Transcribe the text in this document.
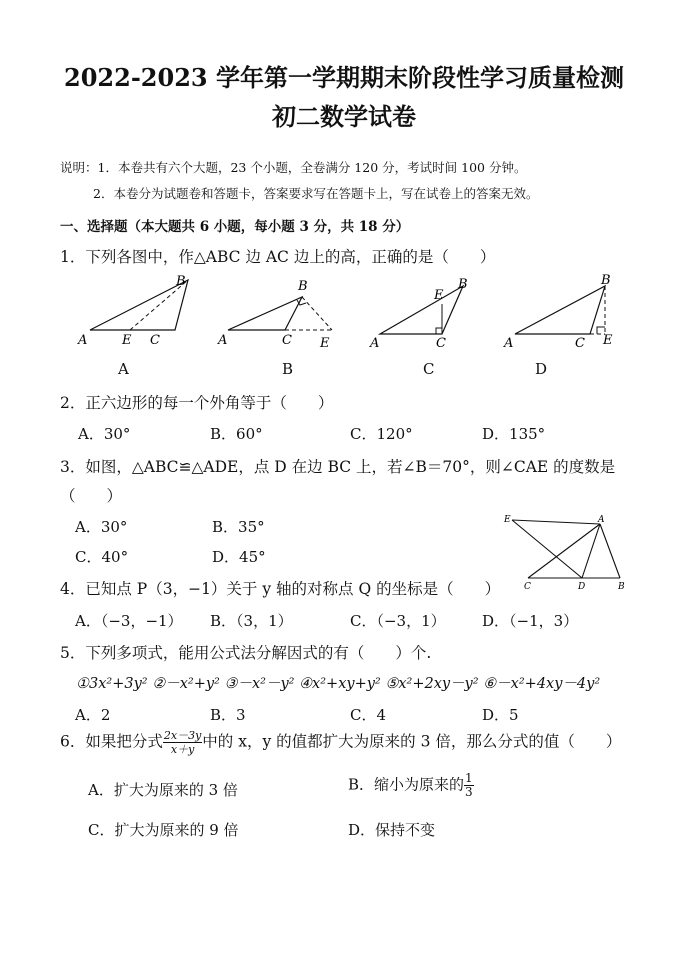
2022-2023 学年第一学期期末阶段性学习质量检测
初二数学试卷
说明：1．本卷共有六个大题，23 个小题，全卷满分 120 分，考试时间 100 分钟。
2．本卷分为试题卷和答题卡，答案要求写在答题卡上，写在试卷上的答案无效。
一、选择题（本大题共 6 小题，每小题 3 分，共 18 分）
1．下列各图中，作△ABC 边 AC 边上的高，正确的是（　　）
A	E C
B
A	C E
B
A	C
E
B
A	C E
B
A	B	C	D
2．正六边形的每一个外角等于（　　）
A．30°	B．60°	C．120°	D．135°
3．如图，△ABC≌△ADE，点 D 在边 BC 上，若∠B＝70°，则∠CAE 的度数是
（　　）
A．30°	B．35°
C．40°	D．45°
E	A
C	D	B
4．已知点 P（3，−1）关于 y 轴的对称点 Q 的坐标是（　　）
A．（−3，−1） B．（3，1）	C．（−3，1） D．（−1，3）
5．下列多项式，能用公式法分解因式的有（　　）个.
①3x²+3y² ②－x²+y² ③－x²－y² ④x²+xy+y² ⑤x²+2xy－y² ⑥－x²+4xy－4y²
A．2	B．3	C．4	D．5
6．如果把分式 $\frac{2x-3y}{x+y}$ 中的 x，y 的值都扩大为原来的 3 倍，那么分式的值（　　）
A．扩大为原来的 3 倍	B．缩小为原来的 $\frac{1}{3}$
C．扩大为原来的 9 倍	D．保持不变
